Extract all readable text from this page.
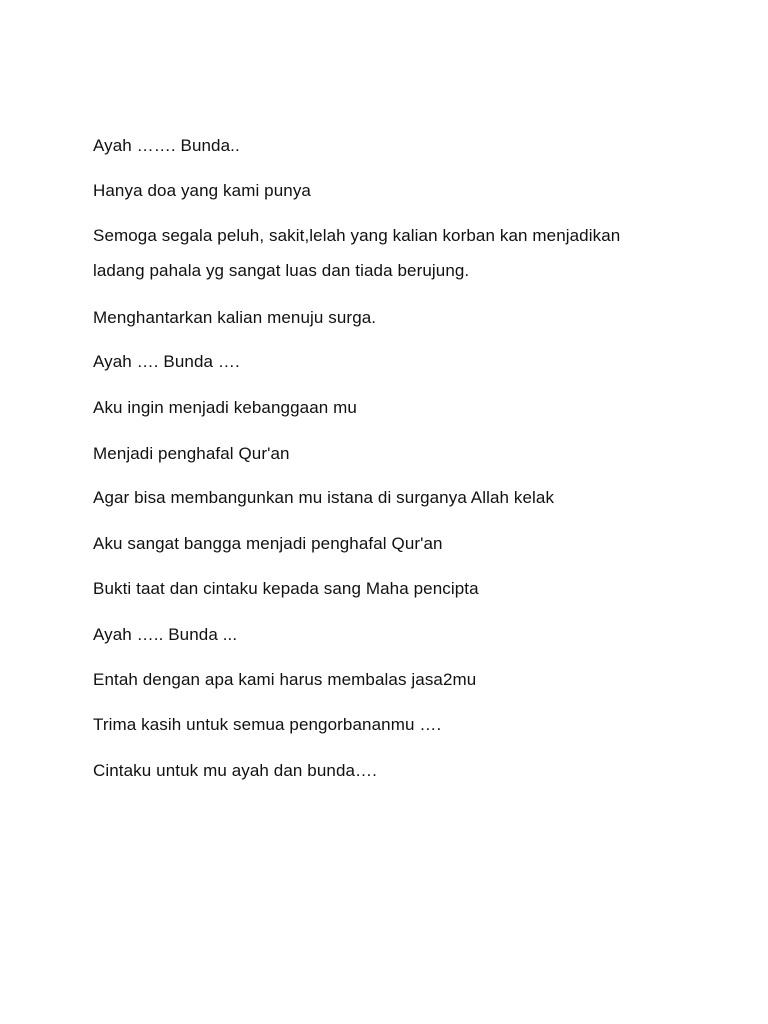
Ayah ……. Bunda..
Hanya doa yang kami punya
Semoga segala peluh, sakit,lelah yang kalian korban kan menjadikan
ladang pahala yg sangat luas dan tiada berujung.
Menghantarkan kalian menuju surga.
Ayah …. Bunda ….
Aku ingin menjadi kebanggaan mu
Menjadi penghafal Qur'an
Agar bisa membangunkan mu istana di surganya Allah kelak
Aku sangat bangga menjadi penghafal Qur'an
Bukti taat dan cintaku kepada sang Maha pencipta
Ayah ….. Bunda ...
Entah dengan apa kami harus membalas jasa2mu
Trima kasih untuk semua pengorbananmu ….
Cintaku untuk mu ayah dan bunda….
